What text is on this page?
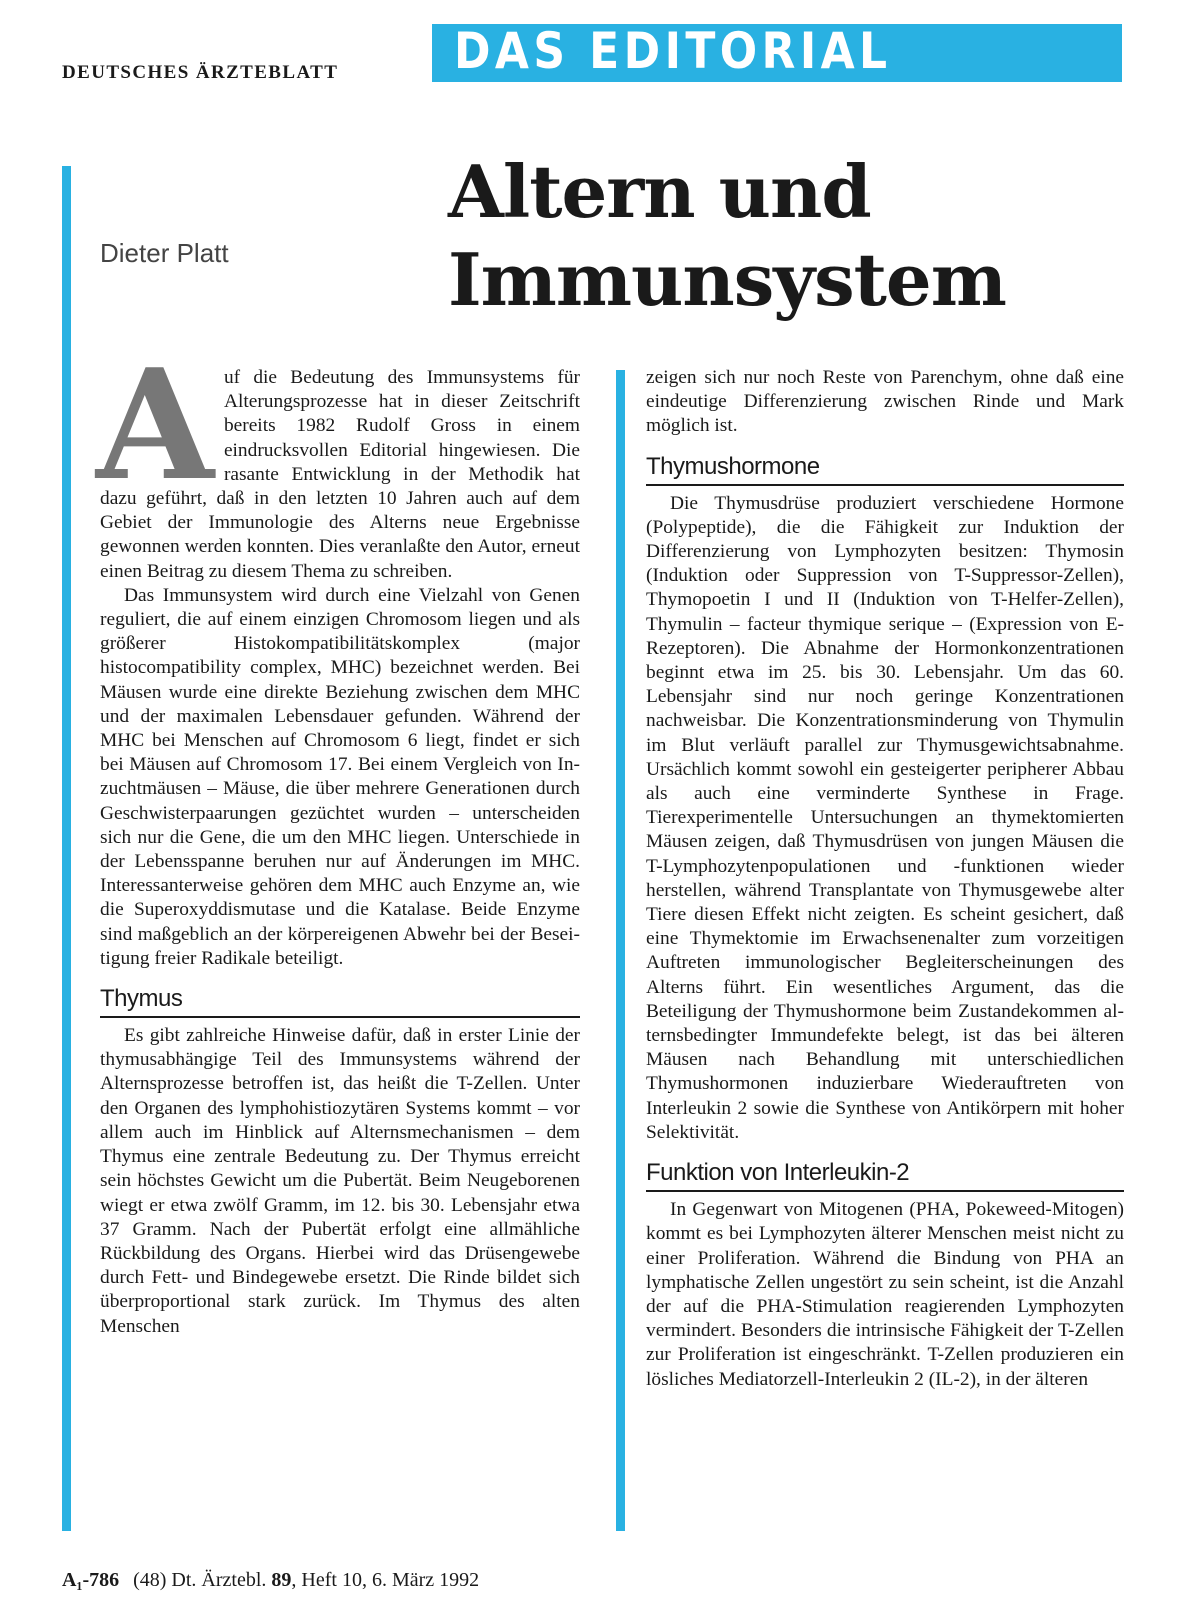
DEUTSCHES ÄRZTEBLATT	DAS EDITORIAL
Dieter Platt
Altern und
Immunsystem

Auf die Bedeutung des Immunsystems für Alterungsprozesse hat in dieser Zeitschrift bereits 1982 Rudolf Gross in einem eindrucksvollen Editorial hingewiesen. Die rasante Entwicklung in der Methodik hat dazu geführt, daß in den letzten 10 Jahren auch auf dem Gebiet der Immunologie des Alterns neue Ergebnisse gewonnen werden konnten. Dies veranlaßte den Autor, erneut einen Beitrag zu diesem Thema zu schreiben.

Das Immunsystem wird durch eine Vielzahl von Genen reguliert, die auf einem einzigen Chromosom liegen und als größerer Histokompatibilitätskomplex (major histocompatibility complex, MHC) bezeichnet werden. Bei Mäusen wurde eine direkte Beziehung zwischen dem MHC und der maximalen Lebensdauer gefunden. Während der MHC bei Menschen auf Chromosom 6 liegt, findet er sich bei Mäusen auf Chromosom 17. Bei einem Vergleich von Inzuchtmäusen – Mäuse, die über mehrere Generationen durch Geschwisterpaarungen gezüchtet wurden – unterscheiden sich nur die Gene, die um den MHC liegen. Unterschiede in der Lebensspanne beruhen nur auf Änderungen im MHC. Interessanterweise gehören dem MHC auch Enzyme an, wie die Superoxyddismutase und die Katalase. Beide Enzyme sind maßgeblich an der körpereigenen Abwehr bei der Beseitigung freier Radikale beteiligt.

Thymus

Es gibt zahlreiche Hinweise dafür, daß in erster Linie der thymusabhängige Teil des Immunsystems während der Alternsprozesse betroffen ist, das heißt die T-Zellen. Unter den Organen des lymphohistiozytären Systems kommt – vor allem auch im Hinblick auf Alternsmechanismen – dem Thymus eine zentrale Bedeutung zu. Der Thymus erreicht sein höchstes Gewicht um die Pubertät. Beim Neugeborenen wiegt er etwa zwölf Gramm, im 12. bis 30. Lebensjahr etwa 37 Gramm. Nach der Pubertät erfolgt eine allmähliche Rückbildung des Organs. Hierbei wird das Drüsengewebe durch Fett- und Bindegewebe ersetzt. Die Rinde bildet sich überproportional stark zurück. Im Thymus des alten Menschen

zeigen sich nur noch Reste von Parenchym, ohne daß eine eindeutige Differenzierung zwischen Rinde und Mark möglich ist.

Thymushormone

Die Thymusdrüse produziert verschiedene Hormone (Polypeptide), die die Fähigkeit zur Induktion der Differenzierung von Lymphozyten besitzen: Thymosin (Induktion oder Suppression von T-Suppressor-Zellen), Thymopoetin I und II (Induktion von T-Helfer-Zellen), Thymulin – facteur thymique serique – (Expression von E-Rezeptoren). Die Abnahme der Hormonkonzentrationen beginnt etwa im 25. bis 30. Lebensjahr. Um das 60. Lebensjahr sind nur noch geringe Konzentrationen nachweisbar. Die Konzentrationsminderung von Thymulin im Blut verläuft parallel zur Thymusgewichtsabnahme. Ursächlich kommt sowohl ein gesteigerter peripherer Abbau als auch eine verminderte Synthese in Frage. Tierexperimentelle Untersuchungen an thymektomierten Mäusen zeigen, daß Thymusdrüsen von jungen Mäusen die T-Lymphozytenpopulationen und -funktionen wieder herstellen, während Transplantate von Thymusgewebe alter Tiere diesen Effekt nicht zeigten. Es scheint gesichert, daß eine Thymektomie im Erwachsenenalter zum vorzeitigen Auftreten immunologischer Begleiterscheinungen des Alterns führt. Ein wesentliches Argument, das die Beteiligung der Thymushormone beim Zustandekommen alternsbedingter Immundefekte belegt, ist das bei älteren Mäusen nach Behandlung mit unterschiedlichen Thymushormonen induzierbare Wiederauftreten von Interleukin 2 sowie die Synthese von Antikörpern mit hoher Selektivität.

Funktion von Interleukin-2

In Gegenwart von Mitogenen (PHA, Pokeweed-Mitogen) kommt es bei Lymphozyten älterer Menschen meist nicht zu einer Proliferation. Während die Bindung von PHA an lymphatische Zellen ungestört zu sein scheint, ist die Anzahl der auf die PHA-Stimulation reagierenden Lymphozyten vermindert. Besonders die intrinsische Fähigkeit der T-Zellen zur Proliferation ist eingeschränkt. T-Zellen produzieren ein lösliches Mediatorzell-Interleukin 2 (IL-2), in der älteren

A₁-786 (48) Dt. Ärztebl. 89, Heft 10, 6. März 1992
